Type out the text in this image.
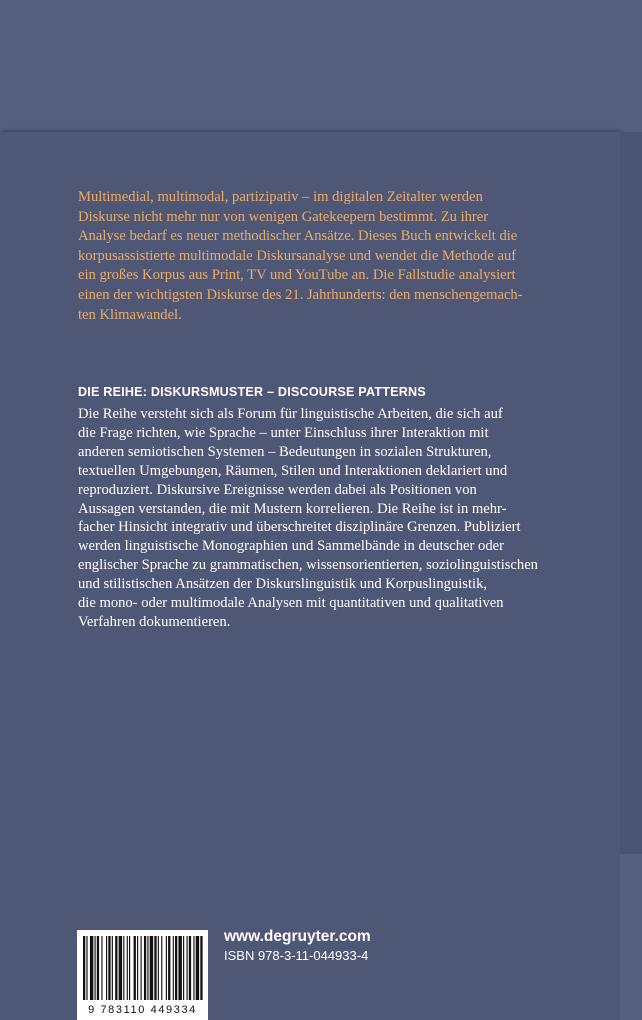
Multimedial, multimodal, partizipativ – im digitalen Zeitalter werden
Diskurse nicht mehr nur von wenigen Gatekeepern bestimmt. Zu ihrer
Analyse bedarf es neuer methodischer Ansätze. Dieses Buch entwickelt die
korpusassistierte multimodale Diskursanalyse und wendet die Methode auf
ein großes Korpus aus Print, TV und YouTube an. Die Fallstudie analysiert
einen der wichtigsten Diskurse des 21. Jahrhunderts: den menschengemach-
ten Klimawandel.
DIE REIHE: DISKURSMUSTER – DISCOURSE PATTERNS
Die Reihe versteht sich als Forum für linguistische Arbeiten, die sich auf
die Frage richten, wie Sprache – unter Einschluss ihrer Interaktion mit
anderen semiotischen Systemen – Bedeutungen in sozialen Strukturen,
textuellen Umgebungen, Räumen, Stilen und Interaktionen deklariert und
reproduziert. Diskursive Ereignisse werden dabei als Positionen von
Aussagen verstanden, die mit Mustern korrelieren. Die Reihe ist in mehr-
facher Hinsicht integrativ und überschreitet disziplinäre Grenzen. Publiziert
werden linguistische Monographien und Sammelbände in deutscher oder
englischer Sprache zu grammatischen, wissensorientierten, soziolinguistischen
und stilistischen Ansätzen der Diskurslinguistik und Korpuslinguistik,
die mono- oder multimodale Analysen mit quantitativen und qualitativen
Verfahren dokumentieren.
9 783110 449334
www.degruyter.com
ISBN 978-3-11-044933-4
